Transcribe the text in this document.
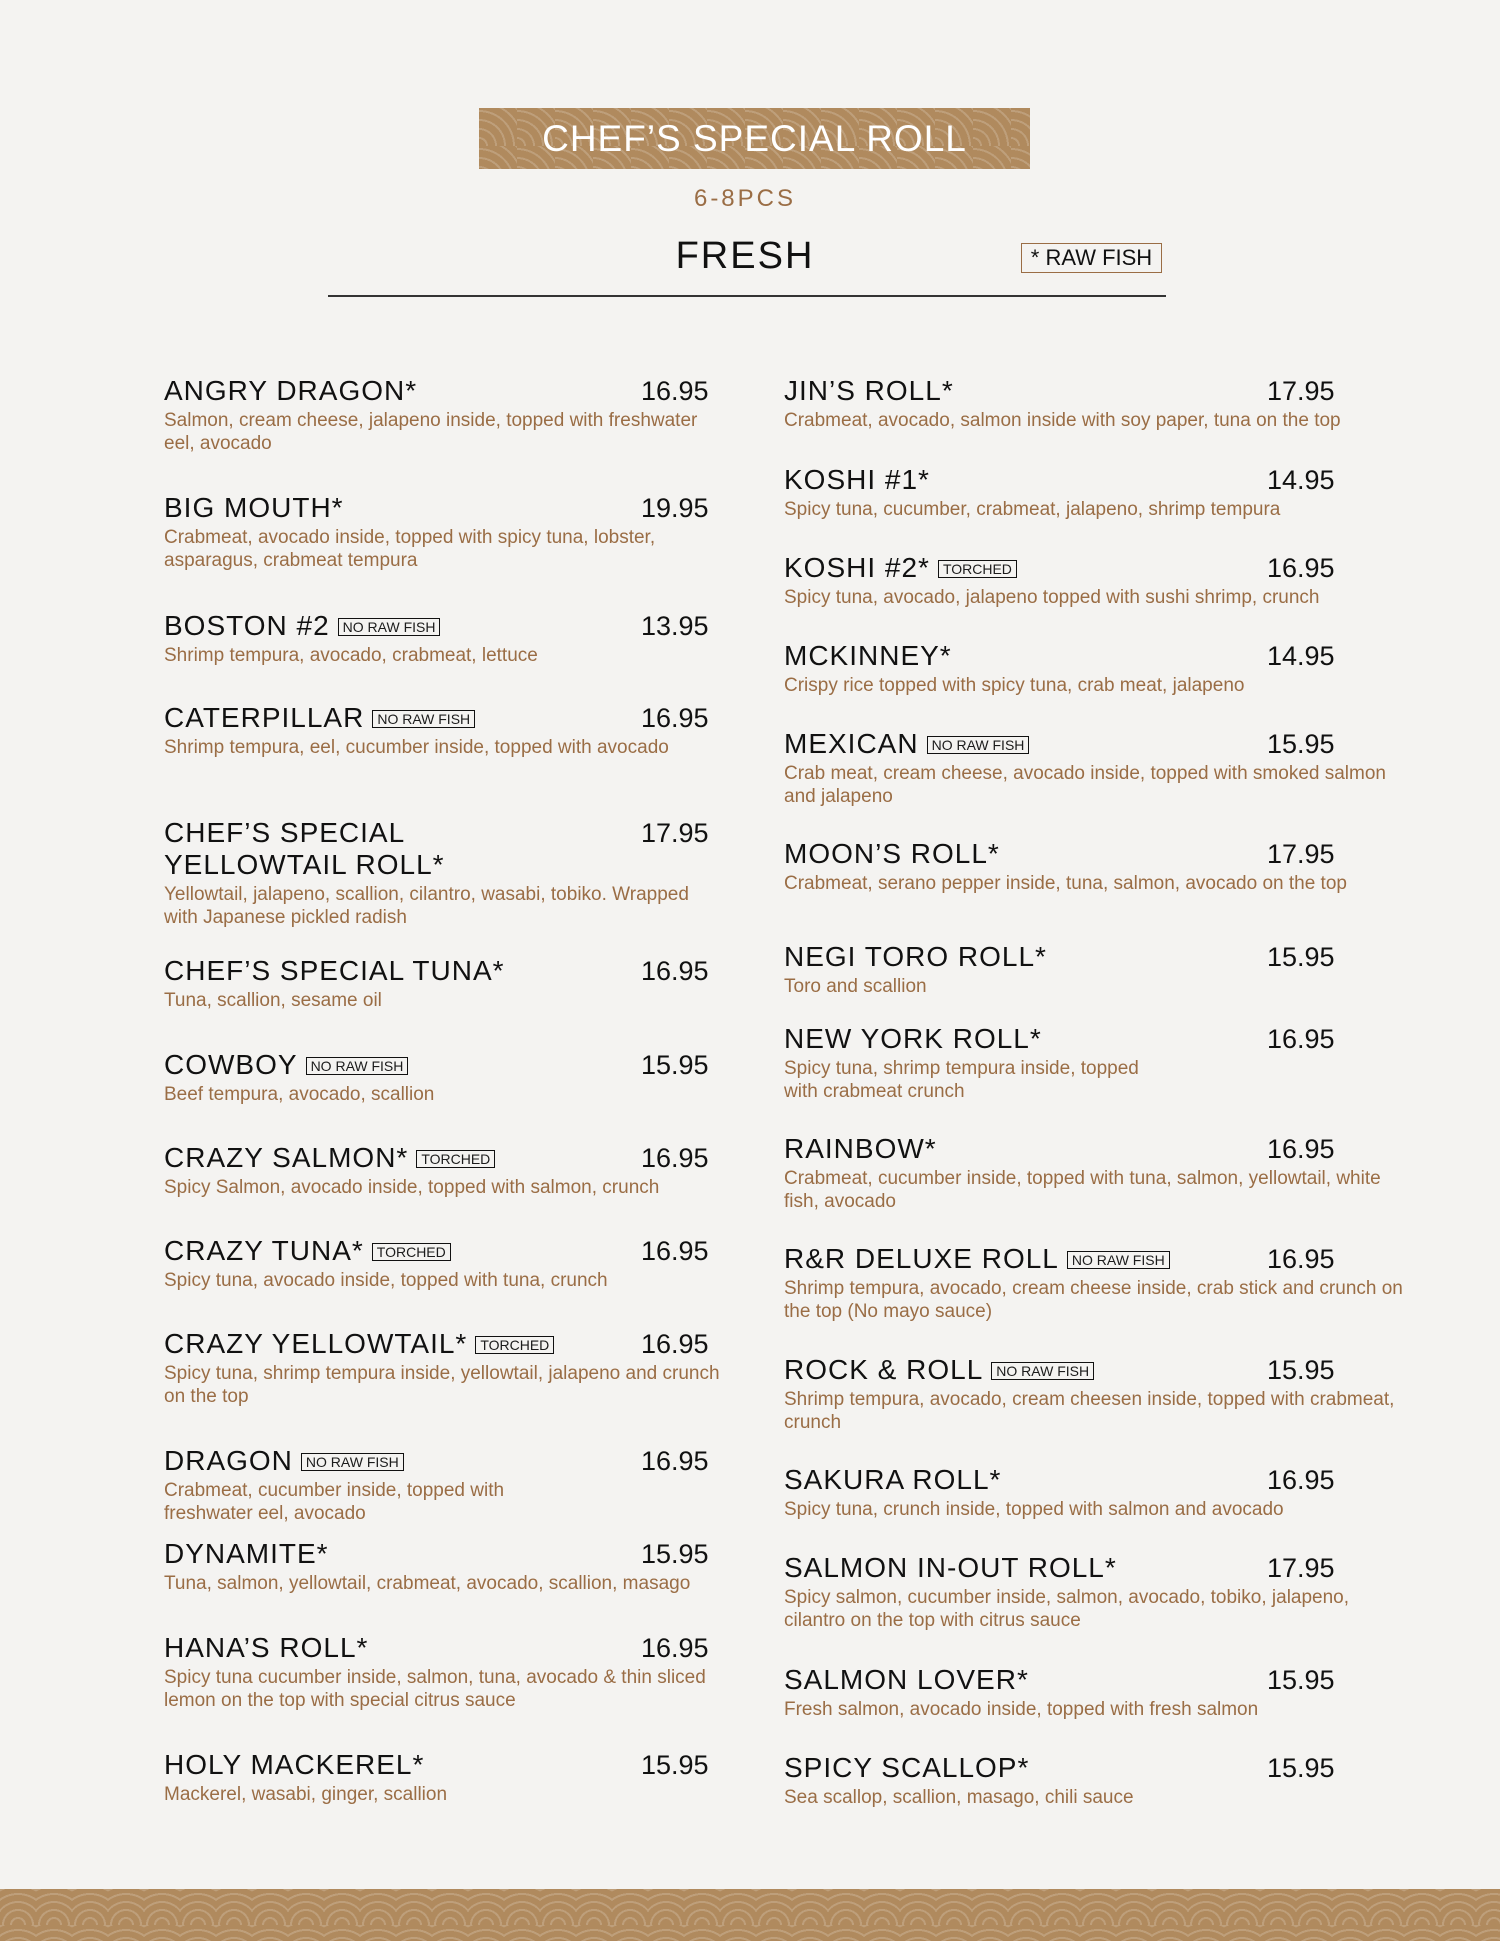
CHEF’S SPECIAL ROLL
6-8PCS
FRESH	* RAW FISH
ANGRY DRAGON*	16.95
Salmon, cream cheese, jalapeno inside, topped with freshwater eel, avocado
BIG MOUTH*	19.95
Crabmeat, avocado inside, topped with spicy tuna, lobster, asparagus, crabmeat tempura
BOSTON #2 NO RAW FISH	13.95
Shrimp tempura, avocado, crabmeat, lettuce
CATERPILLAR NO RAW FISH	16.95
Shrimp tempura, eel, cucumber inside, topped with avocado
CHEF’S SPECIAL
YELLOWTAIL ROLL*
17.95
Yellowtail, jalapeno, scallion, cilantro, wasabi, tobiko. Wrapped with Japanese pickled radish
CHEF’S SPECIAL TUNA*	16.95
Tuna, scallion, sesame oil
COWBOY NO RAW FISH	15.95
Beef tempura, avocado, scallion
CRAZY SALMON* TORCHED	16.95
Spicy Salmon, avocado inside, topped with salmon, crunch
CRAZY TUNA* TORCHED	16.95
Spicy tuna, avocado inside, topped with tuna, crunch
CRAZY YELLOWTAIL* TORCHED	16.95
Spicy tuna, shrimp tempura inside, yellowtail, jalapeno and crunch on the top
DRAGON NO RAW FISH	16.95
Crabmeat, cucumber inside, topped with freshwater eel, avocado
DYNAMITE*	15.95
Tuna, salmon, yellowtail, crabmeat, avocado, scallion, masago
HANA’S ROLL*	16.95
Spicy tuna cucumber inside, salmon, tuna, avocado & thin sliced lemon on the top with special citrus sauce
HOLY MACKEREL*	15.95
Mackerel, wasabi, ginger, scallion
JIN’S ROLL*	17.95
Crabmeat, avocado, salmon inside with soy paper, tuna on the top
KOSHI #1*	14.95
Spicy tuna, cucumber, crabmeat, jalapeno, shrimp tempura
KOSHI #2* TORCHED	16.95
Spicy tuna, avocado, jalapeno topped with sushi shrimp, crunch
MCKINNEY*	14.95
Crispy rice topped with spicy tuna, crab meat, jalapeno
MEXICAN NO RAW FISH	15.95
Crab meat, cream cheese, avocado inside, topped with smoked salmon and jalapeno
MOON’S ROLL*	17.95
Crabmeat, serano pepper inside, tuna, salmon, avocado on the top
NEGI TORO ROLL*	15.95
Toro and scallion
NEW YORK ROLL*	16.95
Spicy tuna, shrimp tempura inside, topped with crabmeat crunch
RAINBOW*	16.95
Crabmeat, cucumber inside, topped with tuna, salmon, yellowtail, white fish, avocado
R&R DELUXE ROLL NO RAW FISH	16.95
Shrimp tempura, avocado, cream cheese inside, crab stick and crunch on the top (No mayo sauce)
ROCK & ROLL NO RAW FISH	15.95
Shrimp tempura, avocado, cream cheesen inside, topped with crabmeat, crunch
SAKURA ROLL*	16.95
Spicy tuna, crunch inside, topped with salmon and avocado
SALMON IN-OUT ROLL*	17.95
Spicy salmon, cucumber inside, salmon, avocado, tobiko, jalapeno, cilantro on the top with citrus sauce
SALMON LOVER*	15.95
Fresh salmon, avocado inside, topped with fresh salmon
SPICY SCALLOP*	15.95
Sea scallop, scallion, masago, chili sauce
